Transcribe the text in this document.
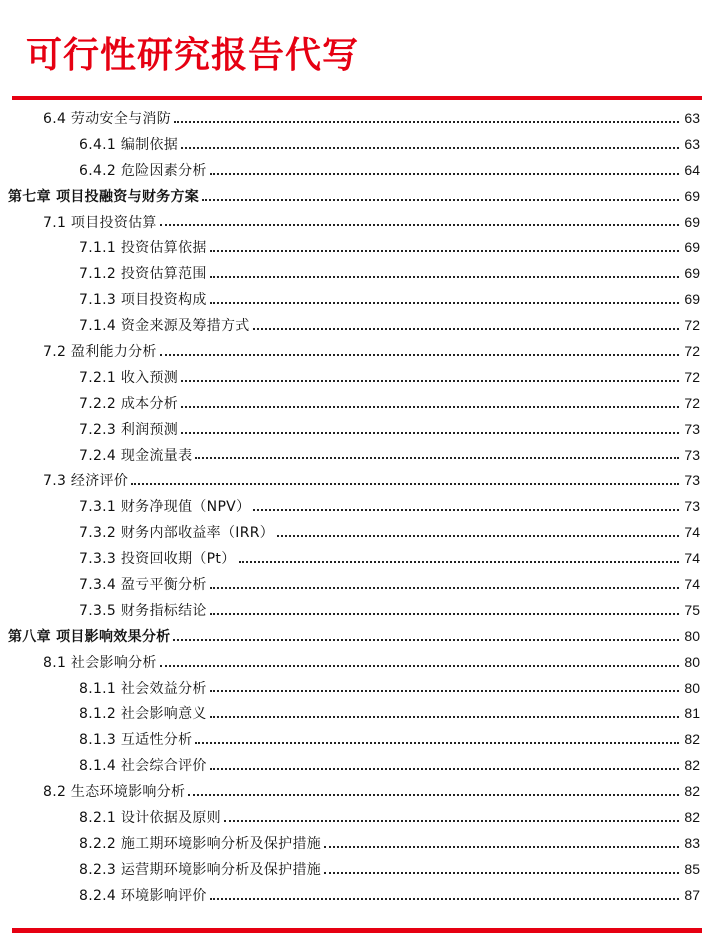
可行性研究报告代写
6.4 劳动安全与消防	63
6.4.1 编制依据	63
6.4.2 危险因素分析	64
第七章 项目投融资与财务方案	69
7.1 项目投资估算	69
7.1.1 投资估算依据	69
7.1.2 投资估算范围	69
7.1.3 项目投资构成	69
7.1.4 资金来源及筹措方式	72
7.2 盈利能力分析	72
7.2.1 收入预测	72
7.2.2 成本分析	72
7.2.3 利润预测	73
7.2.4 现金流量表	73
7.3 经济评价	73
7.3.1 财务净现值（NPV）	73
7.3.2 财务内部收益率（IRR）	74
7.3.3 投资回收期（Pt）	74
7.3.4 盈亏平衡分析	74
7.3.5 财务指标结论	75
第八章 项目影响效果分析	80
8.1 社会影响分析	80
8.1.1 社会效益分析	80
8.1.2 社会影响意义	81
8.1.3 互适性分析	82
8.1.4 社会综合评价	82
8.2 生态环境影响分析	82
8.2.1 设计依据及原则	82
8.2.2 施工期环境影响分析及保护措施	83
8.2.3 运营期环境影响分析及保护措施	85
8.2.4 环境影响评价	87
